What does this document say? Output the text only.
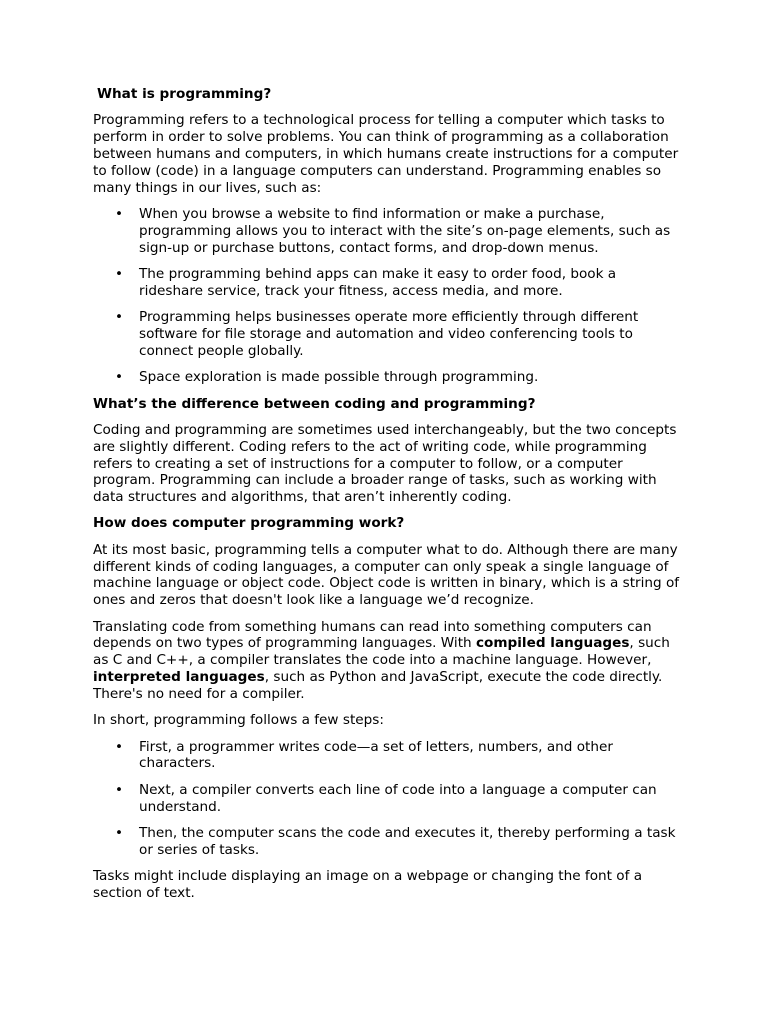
What is programming?
Programming refers to a technological process for telling a computer which tasks to perform in order to solve problems. You can think of programming as a collaboration between humans and computers, in which humans create instructions for a computer to follow (code) in a language computers can understand. Programming enables so many things in our lives, such as:
• When you browse a website to find information or make a purchase, programming allows you to interact with the site’s on-page elements, such as sign-up or purchase buttons, contact forms, and drop-down menus.
• The programming behind apps can make it easy to order food, book a rideshare service, track your fitness, access media, and more.
• Programming helps businesses operate more efficiently through different software for file storage and automation and video conferencing tools to connect people globally.
• Space exploration is made possible through programming.
What’s the difference between coding and programming?
Coding and programming are sometimes used interchangeably, but the two concepts are slightly different. Coding refers to the act of writing code, while programming refers to creating a set of instructions for a computer to follow, or a computer program. Programming can include a broader range of tasks, such as working with data structures and algorithms, that aren’t inherently coding.
How does computer programming work?
At its most basic, programming tells a computer what to do. Although there are many different kinds of coding languages, a computer can only speak a single language of machine language or object code. Object code is written in binary, which is a string of ones and zeros that doesn't look like a language we’d recognize.
Translating code from something humans can read into something computers can depends on two types of programming languages. With compiled languages, such as C and C++, a compiler translates the code into a machine language. However, interpreted languages, such as Python and JavaScript, execute the code directly. There's no need for a compiler.
In short, programming follows a few steps:
• First, a programmer writes code—a set of letters, numbers, and other characters.
• Next, a compiler converts each line of code into a language a computer can understand.
• Then, the computer scans the code and executes it, thereby performing a task or series of tasks.
Tasks might include displaying an image on a webpage or changing the font of a section of text.
